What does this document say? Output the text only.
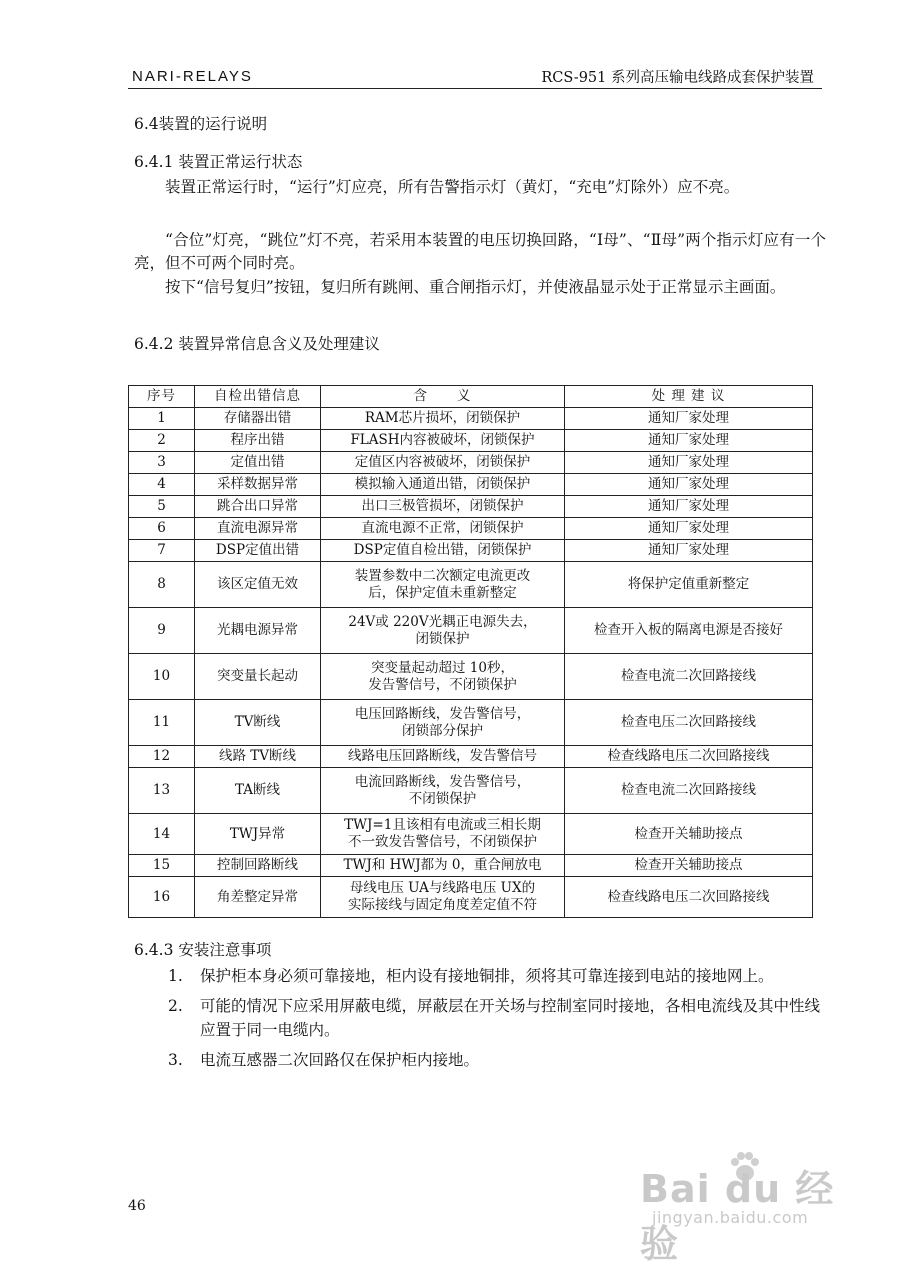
NARI-RELAYS	RCS-951 系列高压输电线路成套保护装置
6.4装置的运行说明
6.4.1 装置正常运行状态

装置正常运行时，“运行”灯应亮，所有告警指示灯（黄灯，“充电”灯除外）应不亮。

“合位”灯亮，“跳位”灯不亮，若采用本装置的电压切换回路，“Ⅰ母”、“Ⅱ母”两个指示灯应有一个亮，但不可两个同时亮。

按下“信号复归”按钮，复归所有跳闸、重合闸指示灯，并使液晶显示处于正常显示主画面。

6.4.2 装置异常信息含义及处理建议
序号	自检出错信息	含　　义	处 理 建 议
1	存储器出错	RAM芯片损坏，闭锁保护	通知厂家处理
2	程序出错	FLASH内容被破坏，闭锁保护	通知厂家处理
3	定值出错	定值区内容被破坏，闭锁保护	通知厂家处理
4	采样数据异常	模拟输入通道出错，闭锁保护	通知厂家处理
5	跳合出口异常	出口三极管损坏，闭锁保护	通知厂家处理
6	直流电源异常	直流电源不正常，闭锁保护	通知厂家处理
7	DSP定值出错	DSP定值自检出错，闭锁保护	通知厂家处理
8	该区定值无效	装置参数中二次额定电流更改
后，保护定值未重新整定	将保护定值重新整定
9	光耦电源异常	24V或 220V光耦正电源失去，
闭锁保护	检查开入板的隔离电源是否接好
10	突变量长起动	突变量起动超过 10秒，
发告警信号，不闭锁保护	检查电流二次回路接线
11	TV断线	电压回路断线，发告警信号，
闭锁部分保护	检查电压二次回路接线
12	线路 TV断线	线路电压回路断线，发告警信号	检查线路电压二次回路接线
13	TA断线	电流回路断线，发告警信号，
不闭锁保护	检查电流二次回路接线
14	TWJ异常	TWJ=1且该相有电流或三相长期
不一致发告警信号，不闭锁保护	检查开关辅助接点
15	控制回路断线	TWJ和 HWJ都为 0，重合闸放电	检查开关辅助接点
16	角差整定异常	母线电压 UA与线路电压 UX的
实际接线与固定角度差定值不符	检查线路电压二次回路接线
6.4.3 安装注意事项
1. 保护柜本身必须可靠接地，柜内设有接地铜排，须将其可靠连接到电站的接地网上。
2. 可能的情况下应采用屏蔽电缆，屏蔽层在开关场与控制室同时接地，各相电流线及其中性线应置于同一电缆内。
3. 电流互感器二次回路仅在保护柜内接地。
46	Bai du 经验
jingyan.baidu.com
